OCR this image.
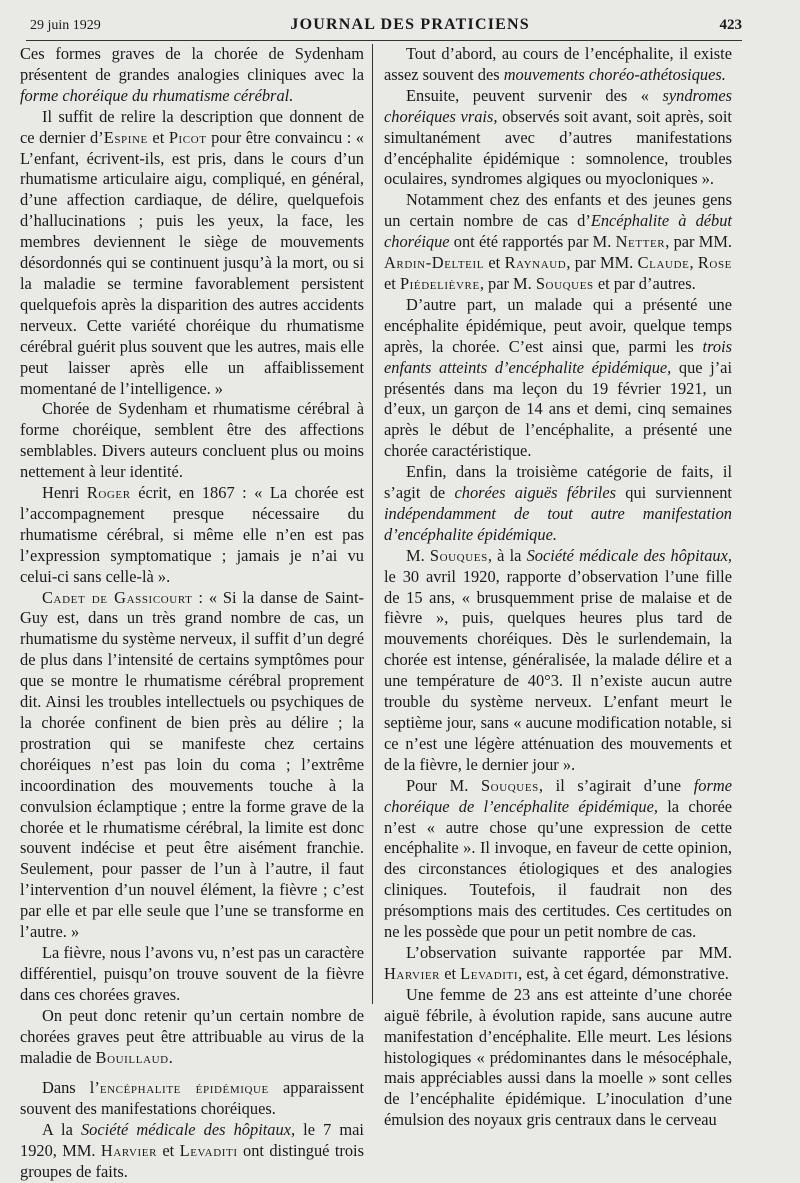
29 juin 1929	JOURNAL DES PRATICIENS	423

Ces formes graves de la chorée de Sydenham présentent de grandes analogies cliniques avec la forme choréique du rhumatisme cérébral.

Il suffit de relire la description que donnent de ce dernier d’Espine et Picot pour être convaincu : « L’enfant, écrivent-ils, est pris, dans le cours d’un rhumatisme articulaire aigu, compliqué, en général, d’une affection cardiaque, de délire, quelquefois d’hallucinations ; puis les yeux, la face, les membres deviennent le siège de mouvements désordonnés qui se continuent jusqu’à la mort, ou si la maladie se termine favorablement persistent quelquefois après la disparition des autres accidents nerveux. Cette variété choréique du rhumatisme cérébral guérit plus souvent que les autres, mais elle peut laisser après elle un affaiblissement momentané de l’intelligence. »

Chorée de Sydenham et rhumatisme cérébral à forme choréique, semblent être des affections semblables. Divers auteurs concluent plus ou moins nettement à leur identité.

Henri Roger écrit, en 1867 : « La chorée est l’accompagnement presque nécessaire du rhumatisme cérébral, si même elle n’en est pas l’expression symptomatique ; jamais je n’ai vu celui-ci sans celle-là ».

Cadet de Gassicourt : « Si la danse de Saint-Guy est, dans un très grand nombre de cas, un rhumatisme du système nerveux, il suffit d’un degré de plus dans l’intensité de certains symptômes pour que se montre le rhumatisme cérébral proprement dit. Ainsi les troubles intellectuels ou psychiques de la chorée confinent de bien près au délire ; la prostration qui se manifeste chez certains choréiques n’est pas loin du coma ; l’extrême incoordination des mouvements touche à la convulsion éclamptique ; entre la forme grave de la chorée et le rhumatisme cérébral, la limite est donc souvent indécise et peut être aisément franchie. Seulement, pour passer de l’un à l’autre, il faut l’intervention d’un nouvel élément, la fièvre ; c’est par elle et par elle seule que l’une se transforme en l’autre. »

La fièvre, nous l’avons vu, n’est pas un caractère différentiel, puisqu’on trouve souvent de la fièvre dans ces chorées graves.

On peut donc retenir qu’un certain nombre de chorées graves peut être attribuable au virus de la maladie de Bouillaud.

Dans l’encéphalite épidémique apparaissent souvent des manifestations choréiques.

A la Société médicale des hôpitaux, le 7 mai 1920, MM. Harvier et Levaditi ont distingué trois groupes de faits.

Tout d’abord, au cours de l’encéphalite, il existe assez souvent des mouvements choréo-athétosiques.

Ensuite, peuvent survenir des « syndromes choréiques vrais, observés soit avant, soit après, soit simultanément avec d’autres manifestations d’encéphalite épidémique : somnolence, troubles oculaires, syndromes algiques ou myocloniques ».

Notamment chez des enfants et des jeunes gens un certain nombre de cas d’Encéphalite à début choréique ont été rapportés par M. Netter, par MM. Ardin-Delteil et Raynaud, par MM. Claude, Rose et Piédelièvre, par M. Souques et par d’autres.

D’autre part, un malade qui a présenté une encéphalite épidémique, peut avoir, quelque temps après, la chorée. C’est ainsi que, parmi les trois enfants atteints d’encéphalite épidémique, que j’ai présentés dans ma leçon du 19 février 1921, un d’eux, un garçon de 14 ans et demi, cinq semaines après le début de l’encéphalite, a présenté une chorée caractéristique.

Enfin, dans la troisième catégorie de faits, il s’agit de chorées aiguës fébriles qui surviennent indépendamment de tout autre manifestation d’encéphalite épidémique.

M. Souques, à la Société médicale des hôpitaux, le 30 avril 1920, rapporte d’observation l’une fille de 15 ans, « brusquemment prise de malaise et de fièvre », puis, quelques heures plus tard de mouvements choréiques. Dès le surlendemain, la chorée est intense, généralisée, la malade délire et a une température de 40°3. Il n’existe aucun autre trouble du système nerveux. L’enfant meurt le septième jour, sans « aucune modification notable, si ce n’est une légère atténuation des mouvements et de la fièvre, le dernier jour ».

Pour M. Souques, il s’agirait d’une forme choréique de l’encéphalite épidémique, la chorée n’est « autre chose qu’une expression de cette encéphalite ». Il invoque, en faveur de cette opinion, des circonstances étiologiques et des analogies cliniques. Toutefois, il faudrait non des présomptions mais des certitudes. Ces certitudes on ne les possède que pour un petit nombre de cas.

L’observation suivante rapportée par MM. Harvier et Levaditi, est, à cet égard, démonstrative.

Une femme de 23 ans est atteinte d’une chorée aiguë fébrile, à évolution rapide, sans aucune autre manifestation d’encéphalite. Elle meurt. Les lésions histologiques « prédominantes dans le mésocéphale, mais appréciables aussi dans la moelle » sont celles de l’encéphalite épidémique. L’inoculation d’une émulsion des noyaux gris centraux dans le cerveau
